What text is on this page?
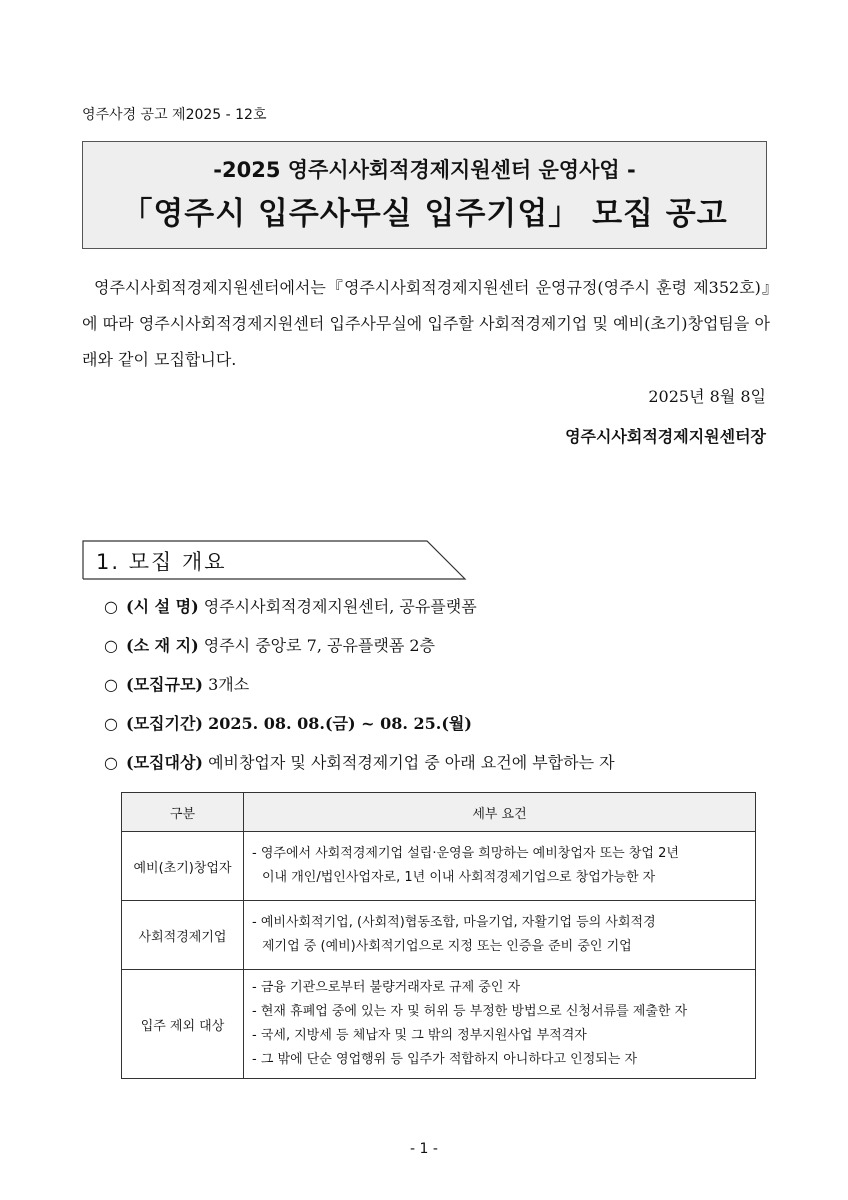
영주사경 공고 제2025 - 12호
-2025 영주시사회적경제지원센터 운영사업 -
「영주시 입주사무실 입주기업」 모집 공고
영주시사회적경제지원센터에서는『영주시사회적경제지원센터 운영규정(영주시 훈령 제352호)』에 따라 영주시사회적경제지원센터 입주사무실에 입주할 사회적경제기업 및 예비(초기)창업팀을 아래와 같이 모집합니다.
2025년 8월 8일
영주시사회적경제지원센터장
1. 모집 개요
○ (시 설 명) 영주시사회적경제지원센터, 공유플랫폼
○ (소 재 지) 영주시 중앙로 7, 공유플랫폼 2층
○ (모집규모) 3개소
○ (모집기간) 2025. 08. 08.(금) ~ 08. 25.(월)
○ (모집대상) 예비창업자 및 사회적경제기업 중 아래 요건에 부합하는 자
구분	세부 요건
예비(초기)창업자	- 영주에서 사회적경제기업 설립·운영을 희망하는 예비창업자 또는 창업 2년
이내 개인/법인사업자로, 1년 이내 사회적경제기업으로 창업가능한 자

사회적경제기업	- 예비사회적기업, (사회적)협동조합, 마을기업, 자활기업 등의 사회적경
제기업 중 (예비)사회적기업으로 지정 또는 인증을 준비 중인 기업

입주 제외 대상	- 금융 기관으로부터 불량거래자로 규제 중인 자
- 현재 휴폐업 중에 있는 자 및 허위 등 부정한 방법으로 신청서류를 제출한 자
- 국세, 지방세 등 체납자 및 그 밖의 정부지원사업 부적격자
- 그 밖에 단순 영업행위 등 입주가 적합하지 아니하다고 인정되는 자
- 1 -
